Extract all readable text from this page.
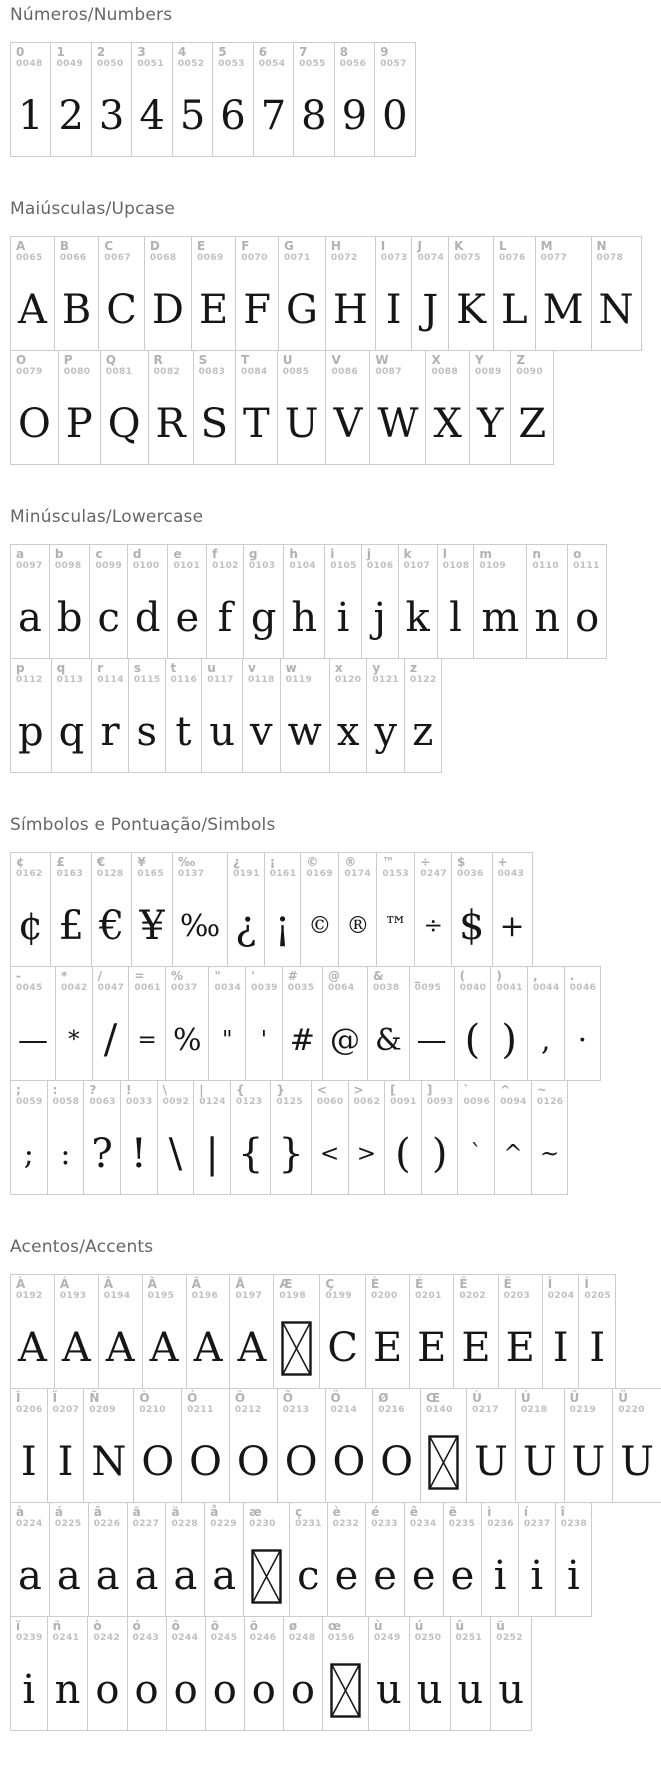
Números/Numbers
0
0048
1
1
0049
2
2
0050
3
3
0051
4
4
0052
5
5
0053
6
6
0054
7
7
0055
8
8
0056
9
9
0057
0
Maiúsculas/Upcase
A
0065
A
B
0066
B
C
0067
C
D
0068
D
E
0069
E
F
0070
F
G
0071
G
H
0072
H
I
0073
I
J
0074
J
K
0075
K
L
0076
L
M
0077
M
N
0078
N
O
0079
O
P
0080
P
Q
0081
Q
R
0082
R
S
0083
S
T
0084
T
U
0085
U
V
0086
V
W
0087
W
X
0088
X
Y
0089
Y
Z
0090
Z
Minúsculas/Lowercase
a
0097
a
b
0098
b
c
0099
c
d
0100
d
e
0101
e
f
0102
f
g
0103
g
h
0104
h
i
0105
i
j
0106
j
k
0107
k
l
0108
l
m
0109
m
n
0110
n
o
0111
o
p
0112
p
q
0113
q
r
0114
r
s
0115
s
t
0116
t
u
0117
u
v
0118
v
w
0119
w
x
0120
x
y
0121
y
z
0122
z
Símbolos e Pontuação/Simbols
¢
0162
¢
£
0163
£
€
0128
€
¥
0165
¥
‰
0137
‰
¿
0191
¿
¡
0161
¡
©
0169
©
®
0174
®
™
0153
™
÷
0247
÷
$
0036
$
+
0043
+
-
0045
—
*
0042
*
/
0047
/
=
0061
=
%
0037
%
"
0034
"
'
0039
'
#
0035
#
@
0064
@
&
0038
&
_
0095
—
(
0040
(
)
0041
)
,
0044
,
.
0046
·
;
0059
;
:
0058
:
?
0063
?
!
0033
!
\
0092
\
|
0124
|
{
0123
{
}
0125
}
<
0060
<
>
0062
>
[
0091
(
]
0093
)
`
0096
`
^
0094
^
~
0126
~
Acentos/Accents
À
0192
A
Á
0193
A
Â
0194
A
Ã
0195
A
Ä
0196
A
Å
0197
A
Æ
0198
Ç
0199
C
È
0200
E
É
0201
E
Ê
0202
E
Ë
0203
E
Ì
0204
I
Í
0205
I
Î
0206
I
Ï
0207
I
Ñ
0209
N
Ò
0210
O
Ó
0211
O
Ô
0212
O
Õ
0213
O
Ö
0214
O
Ø
0216
O
Œ
0140
Ù
0217
U
Ú
0218
U
Û
0219
U
Ü
0220
U
à
0224
a
á
0225
a
â
0226
a
ã
0227
a
ä
0228
a
å
0229
a
æ
0230
ç
0231
c
è
0232
e
é
0233
e
ê
0234
e
ë
0235
e
ì
0236
i
í
0237
i
î
0238
i
ï
0239
i
ñ
0241
n
ò
0242
o
ó
0243
o
ô
0244
o
õ
0245
o
ö
0246
o
ø
0248
o
œ
0156
ù
0249
u
ú
0250
u
û
0251
u
ü
0252
u
